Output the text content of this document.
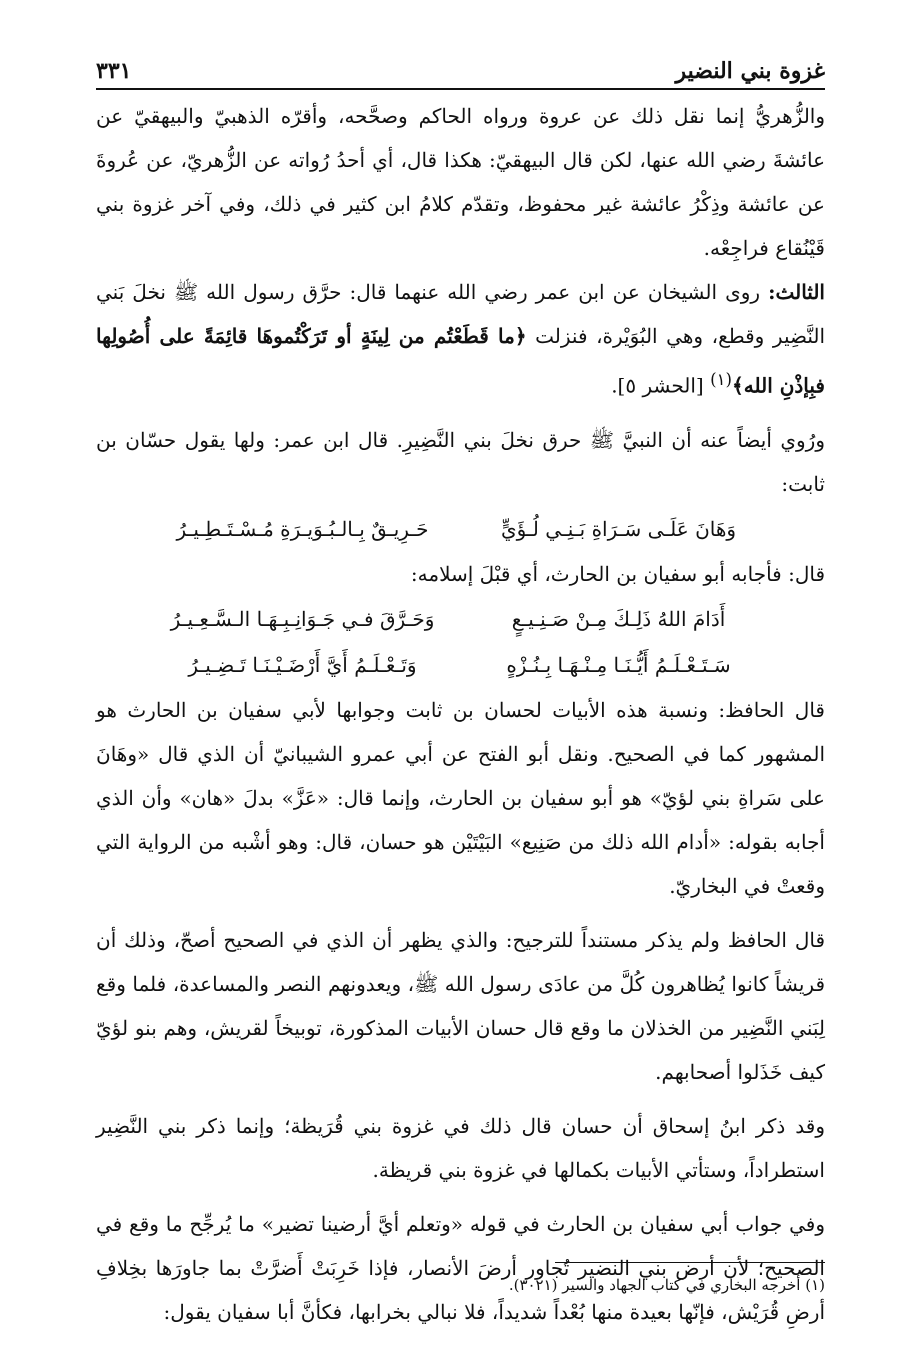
غزوة بني النضير
٣٣١

والزُّهريُّ إنما نقل ذلك عن عروة ورواه الحاكم وصحَّحه، وأقرّه الذهبيّ والبيهقيّ عن عائشةَ رضي الله عنها، لكن قال البيهقيّ: هكذا قال، أي أحدُ رُواته عن الزُّهريّ، عن عُروةَ عن عائشة وذِكْرُ عائشة غير محفوظ، وتقدّم كلامُ ابن كثير في ذلك، وفي آخر غزوة بني قَيْنُقاع فراجِعْه.

الثالث: روى الشيخان عن ابن عمر رضي الله عنهما قال: حرَّق رسول الله ﷺ نخلَ بَني النَّضِير وقطع، وهي البُوَيْرة، فنزلت ﴿ما قَطَعْتُم من لِينَةٍ أو تَرَكْتُموهَا قائِمَةً على أُصُولِها فبِإذْنِ الله﴾$^{(١)}$ [الحشر ٥].

ورُوي أيضاً عنه أن النبيَّ ﷺ حرق نخلَ بني النَّضِيرِ. قال ابن عمر: ولها يقول حسّان بن ثابت:

وَهَانَ عَلَـى سَـرَاةِ بَـنِـي لُـؤَيٍّ
حَـرِيـقٌ بِـالـبُـوَيـرَةِ مُـسْـتَـطِـيـرُ

قال: فأجابه أبو سفيان بن الحارث، أي قبْلَ إسلامه:

أَدَامَ اللهُ ذَلِـكَ مِـنْ صَـنِـيـعٍ
وَحَـرَّقَ فـي جَـوَانِـبِـهَـا الـسَّـعِـيـرُ
سَـتَـعْـلَـمُ أَيُّـنَـا مِـنْـهَـا بِـنُـزْهٍ
وَتَـعْـلَـمُ أَيَّ أَرْضَـيْـنَـا تَـضِـيـرُ

قال الحافظ: ونسبة هذه الأبيات لحسان بن ثابت وجوابها لأبي سفيان بن الحارث هو المشهور كما في الصحيح. ونقل أبو الفتح عن أبي عمرو الشيبانيّ أن الذي قال «وهَانَ على سَراةِ بني لؤيّ» هو أبو سفيان بن الحارث، وإنما قال: «عَزَّ» بدلَ «هان» وأن الذي أجابه بقوله: «أدام الله ذلك من صَنِيع» البَيْتَيْن هو حسان، قال: وهو أشْبه من الرواية التي وقعتْ في البخاريّ.

قال الحافظ ولم يذكر مستنداً للترجيح: والذي يظهر أن الذي في الصحيح أصحّ، وذلك أن قريشاً كانوا يُظاهرون كُلَّ من عادَى رسول الله ﷺ، ويعدونهم النصر والمساعدة، فلما وقع لِبَني النَّضِير من الخذلان ما وقع قال حسان الأبيات المذكورة، توبيخاً لقريش، وهم بنو لؤيّ كيف خَذَلوا أصحابهم.

وقد ذكر ابنُ إسحاق أن حسان قال ذلك في غزوة بني قُرَيظة؛ وإنما ذكر بني النَّضِير استطراداً، وستأتي الأبيات بكمالها في غزوة بني قريظة.

وفي جواب أبي سفيان بن الحارث في قوله «وتعلم أيَّ أرضينا تضير» ما يُرجِّح ما وقع في الصحيح؛ لأن أرض بني النضير تُجاور أرضَ الأنصار، فإذا خَرِبَتْ أَضرَّتْ بما جاورَها بخِلافِ أرضِ قُرَيْش، فإنّها بعيدة منها بُعْداً شديداً، فلا نبالي بخرابها، فكأنَّ أبا سفيان يقول:

(١) أخرجه البخاري في كتاب الجهاد والسير (٣٠٢١).
